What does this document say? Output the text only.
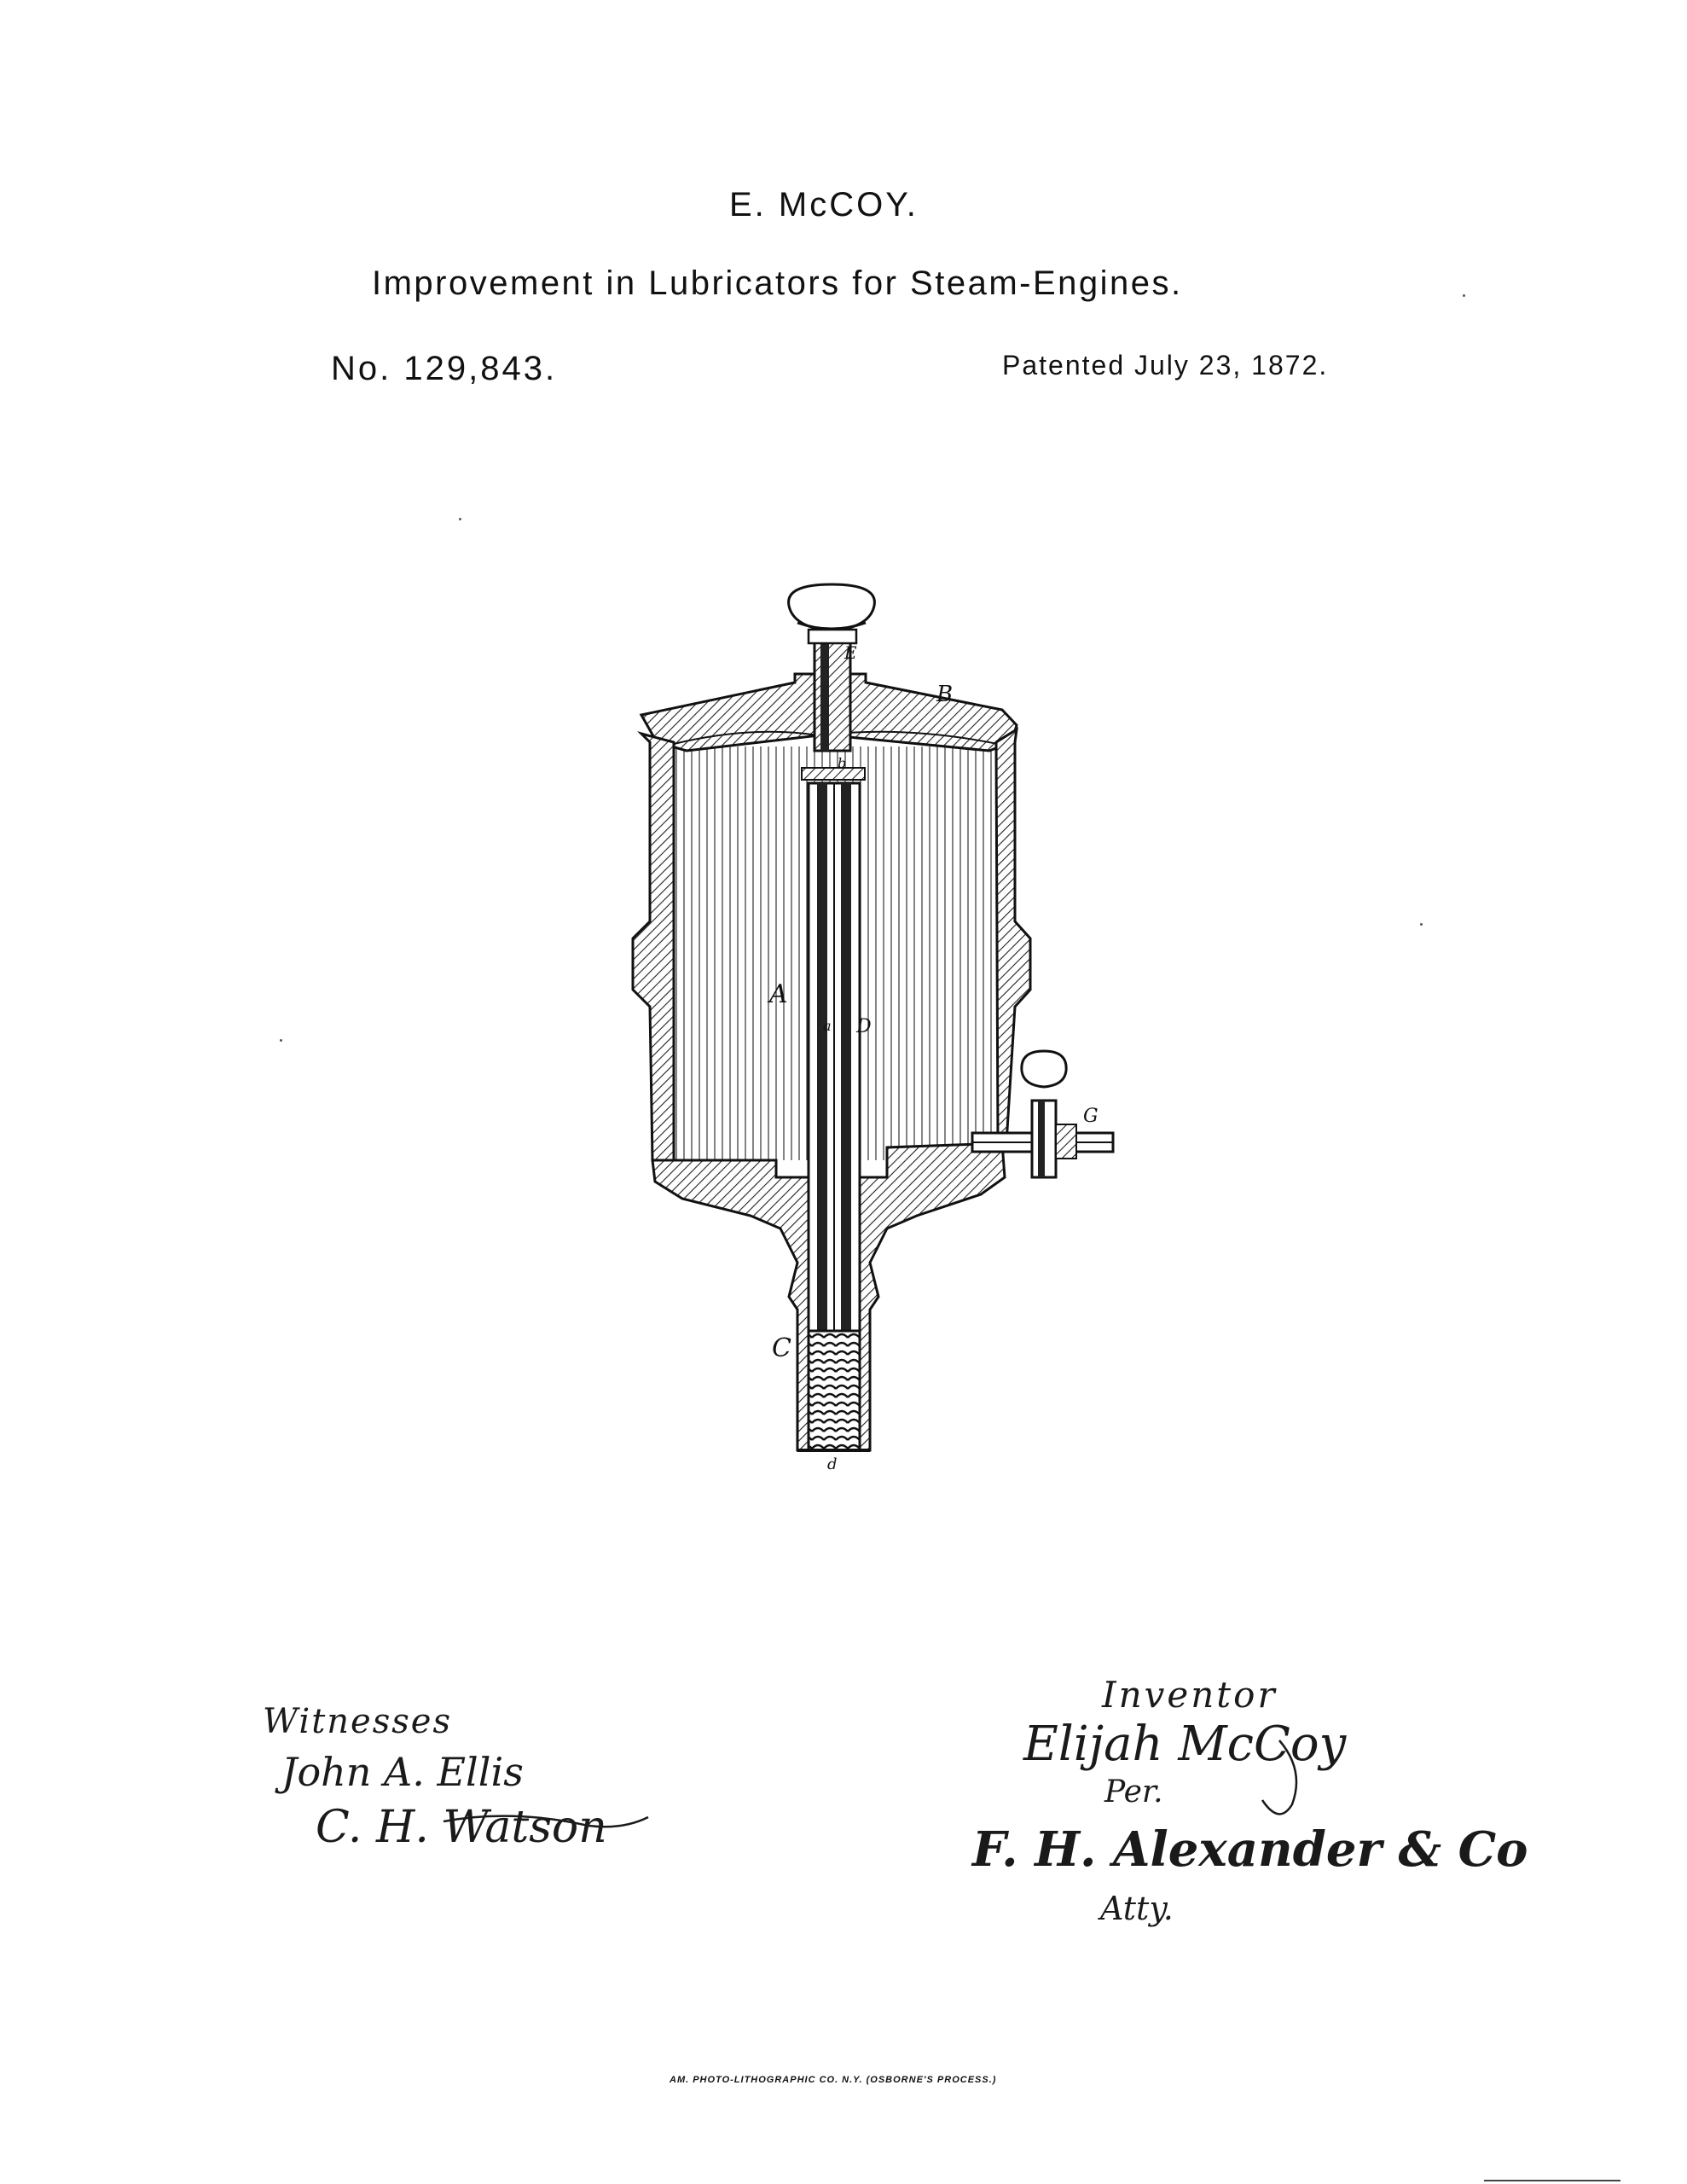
E. McCOY.
Improvement in Lubricators for Steam-Engines.
No. 129,843.	Patented July 23, 1872.
A
B
C
D
E
G
a
b
d
Witnesses
John A. Ellis
C. H. Watson
Inventor
Elijah McCoy
Per.
F. H. Alexander & Co
Atty.
AM. PHOTO-LITHOGRAPHIC CO. N.Y. (OSBORNE'S PROCESS.)
